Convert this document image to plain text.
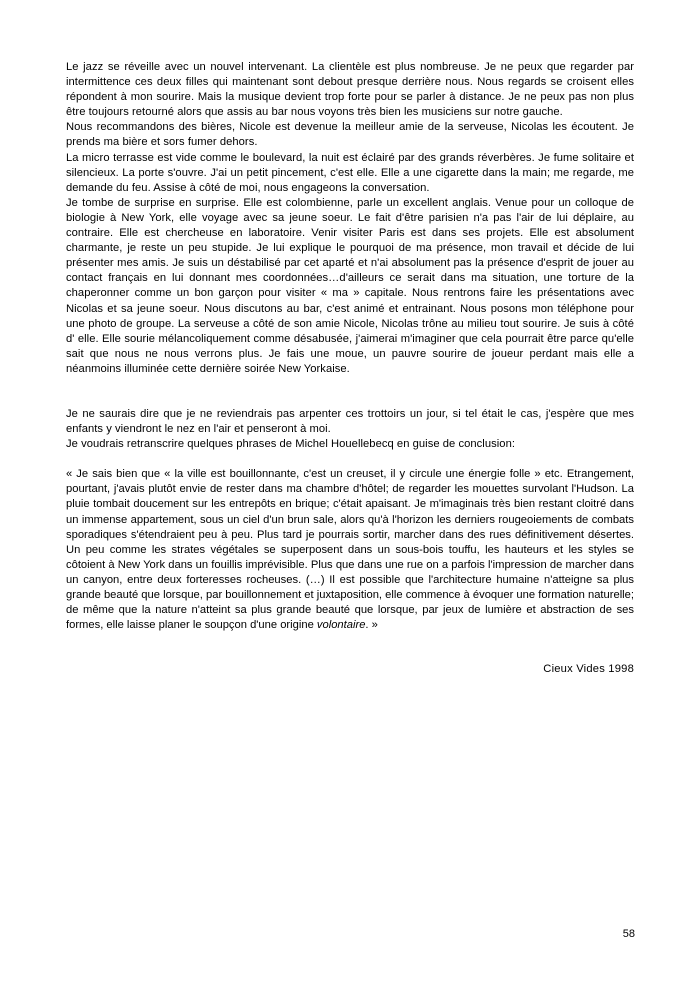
Le jazz se réveille avec un nouvel intervenant. La clientèle est plus nombreuse. Je ne peux que regarder par intermittence ces deux filles qui maintenant sont debout presque derrière nous. Nous regards se croisent elles répondent à mon sourire. Mais la musique devient trop forte pour se parler à distance. Je ne peux pas non plus être toujours retourné alors que assis au bar nous voyons très bien les musiciens sur notre gauche.

Nous recommandons des bières, Nicole est devenue la meilleur amie de la serveuse, Nicolas les écoutent. Je prends ma bière et sors fumer dehors.

La micro terrasse est vide comme le boulevard, la nuit est éclairé par des grands réverbères. Je fume solitaire et silencieux. La porte s'ouvre. J'ai un petit pincement, c'est elle. Elle a une cigarette dans la main; me regarde, me demande du feu. Assise à côté de moi, nous engageons la conversation.

Je tombe de surprise en surprise. Elle est colombienne, parle un excellent anglais. Venue pour un colloque de biologie à New York, elle voyage avec sa jeune soeur. Le fait d'être parisien n'a pas l'air de lui déplaire, au contraire. Elle est chercheuse en laboratoire. Venir visiter Paris est dans ses projets. Elle est absolument charmante, je reste un peu stupide. Je lui explique le pourquoi de ma présence, mon travail et décide de lui présenter mes amis. Je suis un déstabilisé par cet aparté et n'ai absolument pas la présence d'esprit de jouer au contact français en lui donnant mes coordonnées…d'ailleurs ce serait dans ma situation, une torture de la chaperonner comme un bon garçon pour visiter « ma » capitale. Nous rentrons faire les présentations avec Nicolas et sa jeune soeur. Nous discutons au bar, c'est animé et entrainant. Nous posons mon téléphone pour une photo de groupe. La serveuse a côté de son amie Nicole, Nicolas trône au milieu tout sourire. Je suis à côté d' elle. Elle sourie mélancoliquement comme désabusée, j'aimerai m'imaginer que cela pourrait être parce qu'elle sait que nous ne nous verrons plus. Je fais une moue, un pauvre sourire de joueur perdant mais elle a néanmoins illuminée cette dernière soirée New Yorkaise.

Je ne saurais dire que je ne reviendrais pas arpenter ces trottoirs un jour, si tel était le cas, j'espère que mes enfants y viendront le nez en l'air et penseront à moi.

Je voudrais retranscrire quelques phrases de Michel Houellebecq en guise de conclusion:

« Je sais bien que « la ville est bouillonnante, c'est un creuset, il y circule une énergie folle » etc. Etrangement, pourtant, j'avais plutôt envie de rester dans ma chambre d'hôtel; de regarder les mouettes survolant l'Hudson. La pluie tombait doucement sur les entrepôts en brique; c'était apaisant. Je m'imaginais très bien restant cloitré dans un immense appartement, sous un ciel d'un brun sale, alors qu'à l'horizon les derniers rougeoiements de combats sporadiques s'étendraient peu à peu. Plus tard je pourrais sortir, marcher dans des rues définitivement désertes. Un peu comme les strates végétales se superposent dans un sous-bois touffu, les hauteurs et les styles se côtoient à New York dans un fouillis imprévisible. Plus que dans une rue on a parfois l'impression de marcher dans un canyon, entre deux forteresses rocheuses. (…) Il est possible que l'architecture humaine n'atteigne sa plus grande beauté que lorsque, par bouillonnement et juxtaposition, elle commence à évoquer une formation naturelle; de même que la nature n'atteint sa plus grande beauté que lorsque, par jeux de lumière et abstraction de ses formes, elle laisse planer le soupçon d'une origine volontaire. »

Cieux Vides 1998
58
